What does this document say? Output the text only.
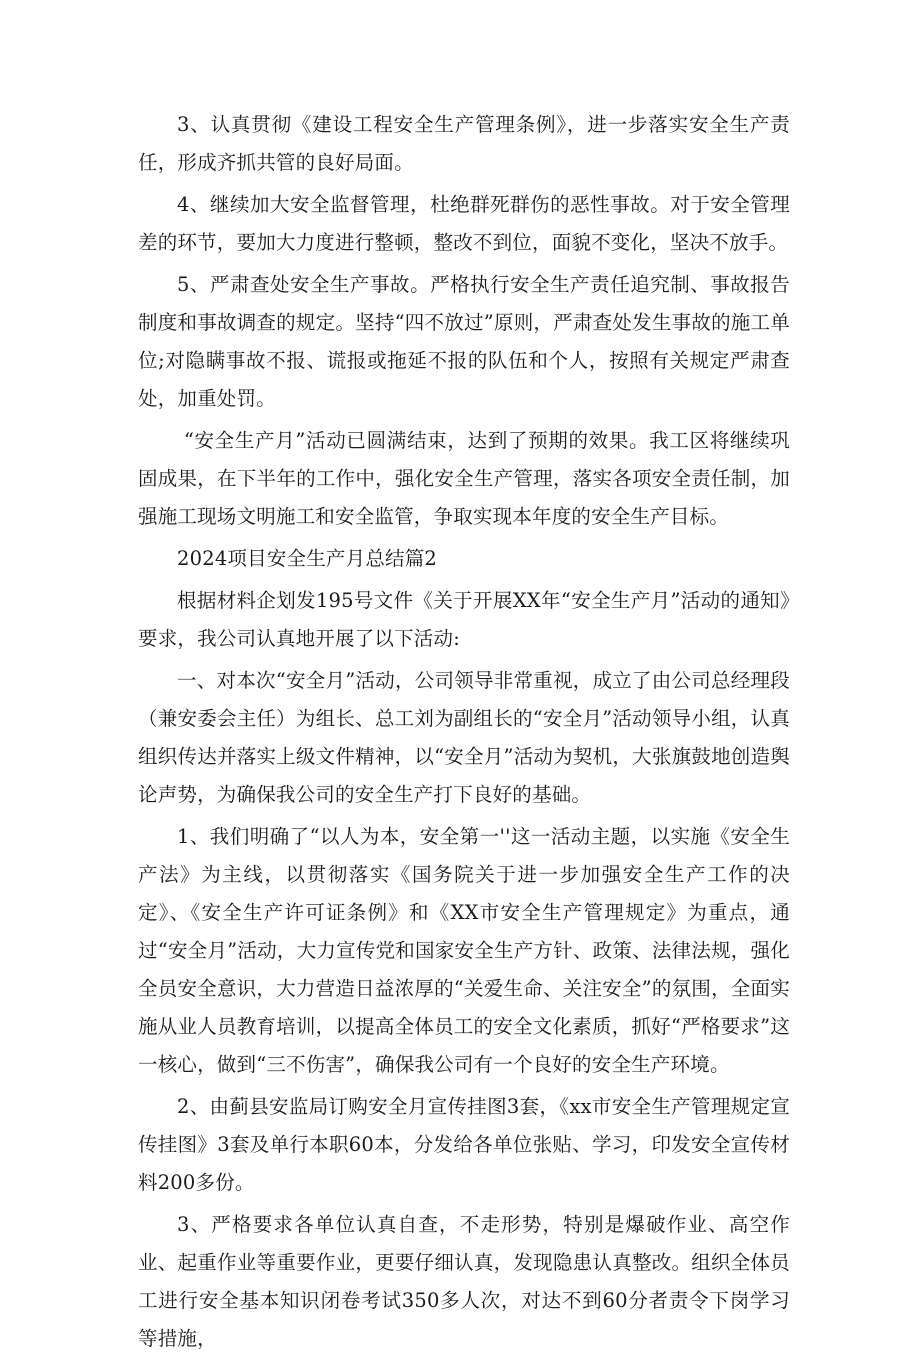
3、认真贯彻《建设工程安全生产管理条例》，进一步落实安全生产责任，形成齐抓共管的良好局面。

4、继续加大安全监督管理，杜绝群死群伤的恶性事故。对于安全管理差的环节，要加大力度进行整顿，整改不到位，面貌不变化，坚决不放手。

5、严肃查处安全生产事故。严格执行安全生产责任追究制、事故报告制度和事故调查的规定。坚持“四不放过”原则，严肃查处发生事故的施工单位;对隐瞒事故不报、谎报或拖延不报的队伍和个人，按照有关规定严肃查处，加重处罚。

“安全生产月”活动已圆满结束，达到了预期的效果。我工区将继续巩固成果，在下半年的工作中，强化安全生产管理，落实各项安全责任制，加强施工现场文明施工和安全监管，争取实现本年度的安全生产目标。

2024项目安全生产月总结篇2

根据材料企划发195号文件《关于开展XX年“安全生产月”活动的通知》要求，我公司认真地开展了以下活动:

一、对本次“安全月”活动，公司领导非常重视，成立了由公司总经理段（兼安委会主任）为组长、总工刘为副组长的“安全月”活动领导小组，认真组织传达并落实上级文件精神，以“安全月”活动为契机，大张旗鼓地创造舆论声势，为确保我公司的安全生产打下良好的基础。

1、我们明确了“以人为本，安全第一''这一活动主题，以实施《安全生产法》为主线，以贯彻落实《国务院关于进一步加强安全生产工作的决定》、《安全生产许可证条例》和《XX市安全生产管理规定》为重点，通过“安全月”活动，大力宣传党和国家安全生产方针、政策、法律法规，强化全员安全意识，大力营造日益浓厚的“关爱生命、关注安全”的氛围，全面实施从业人员教育培训，以提高全体员工的安全文化素质，抓好“严格要求”这一核心，做到“三不伤害”，确保我公司有一个良好的安全生产环境。

2、由蓟县安监局订购安全月宣传挂图3套，《xx市安全生产管理规定宣传挂图》3套及单行本职60本，分发给各单位张贴、学习，印发安全宣传材料200多份。

3、严格要求各单位认真自查，不走形势，特别是爆破作业、高空作业、起重作业等重要作业，更要仔细认真，发现隐患认真整改。组织全体员工进行安全基本知识闭卷考试350多人次，对达不到60分者责令下岗学习等措施，
